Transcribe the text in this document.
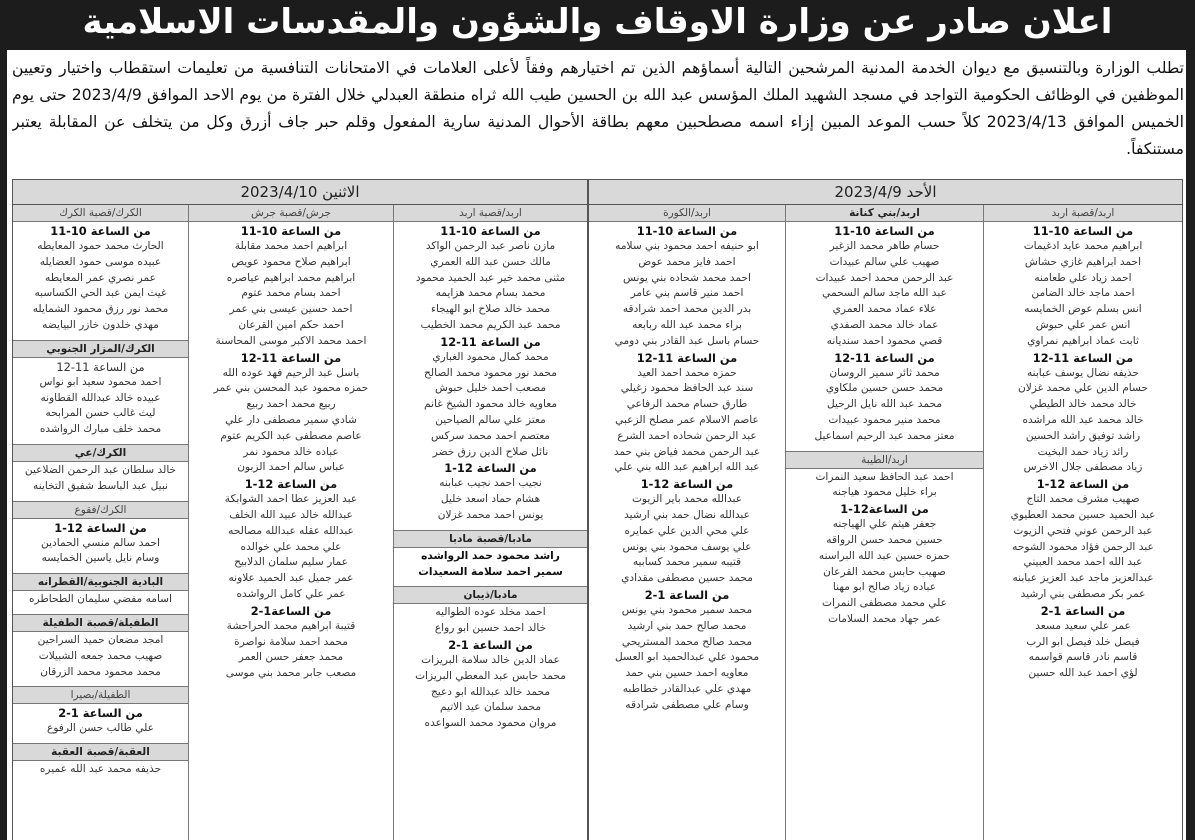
اعلان صادر عن وزارة الاوقاف والشؤون والمقدسات الاسلامية
تطلب الوزارة وبالتنسيق مع ديوان الخدمة المدنية المرشحين التالية أسماؤهم الذين تم اختيارهم وفقاً لأعلى العلامات في الامتحانات التنافسية من تعليمات استقطاب واختيار وتعيين الموظفين في الوظائف الحكومية التواجد في مسجد الشهيد الملك المؤسس عبد الله بن الحسين طيب الله ثراه منطقة العبدلي خلال الفترة من يوم الاحد الموافق 2023/4/9 حتى يوم الخميس الموافق 2023/4/13 كلاً حسب الموعد المبين إزاء اسمه مصطحبين معهم بطاقة الأحوال المدنية سارية المفعول وقلم حبر جاف أزرق وكل من يتخلف عن المقابلة يعتبر مستنكفاً.
الأحد 2023/4/9
اربد/قصبة اربد
من الساعة 10-11
ابراهيم محمد عايد ادغيمات
احمد ابراهيم غازي حشاش
احمد زياد علي طعامنه
احمد ماجد خالد الضامن
انس بسلم عوض الخمايسه
انس عمر علي حبوش
ثابت عماد ابراهيم نمراوي
من الساعة 11-12
حذيفه نضال يوسف عبابنه
حسام الدين علي محمد غزلان
خالد محمد خالد الطيطي
خالد محمد عبد الله مراشده
راشد توفيق راشد الحسين
رائد زياد حمد البخيت
زياد مصطفى جلال الاخرس
من الساعة 12-1
صهيب مشرف محمد التاج
عبد الحميد حسين محمد العطيوي
عبد الرحمن عوني فتحي الزيوت
عبد الرحمن فؤاد محمود الشوحه
عبد الله احمد محمد العبيني
عبدالعزيز ماجد عبد العزيز عبابنه
عمر بكر مصطفى بني ارشيد
من الساعة 1-2
عمر علي سعيد مسعد
فيصل خلد فيصل ابو الرب
قاسم نادر قاسم قواسمه
لؤي احمد عبد الله حسين
اربد/بني كنانة
من الساعة 10-11
حسام طاهر محمد الزغير
صهيب علي سالم عبيدات
عبد الرحمن محمد احمد عبيدات
عبد الله ماجد سالم السحمي
علاء عماد محمد العمري
عماد خالد محمد الصفدي
قصي محمود احمد سنديانه
من الساعة 11-12
محمد ثائر سمير الروسان
محمد حسن حسين ملكاوي
محمد عبد الله نايل الرحيل
محمد منير محمود عبيدات
معتز محمد عبد الرحيم اسماعيل
اربد/الطيبة
احمد عبد الحافظ سعيد النمرات
براء خليل محمود هياجنه
من الساعة12-1
جعفر هيثم علي الهياجنه
حسين محمد حسن الرواقه
حمزه حسين عبد الله البراسنه
صهيب حابس محمد القرعان
عباده زياد صالح ابو مهنا
علي محمد مصطفى النمرات
عمر جهاد محمد السلامات
اربد/الكورة
من الساعة 10-11
ابو حنيفه احمد محمود بني سلامه
احمد فايز محمد عوض
احمد محمد شحاده بني يونس
احمد منير قاسم بني عامر
بدر الدين محمد احمد شرادقه
براء محمد عبد الله ربابعه
حسام باسل عبد القادر بني دومي
من الساعة 11-12
حمزه محمد احمد العيد
سند عبد الحافظ محمود زغيلي
طارق حسام محمد الرفاعي
عاصم الاسلام عمر مصلح الزعبي
عبد الرحمن شحاده احمد الشرع
عبد الرحمن محمد فياض بني حمد
عبد الله ابراهيم عبد الله بني علي
من الساعة 12-1
عبدالله محمد باير الزيوت
عبدالله نضال حمد بني ارشيد
علي محي الدين علي عمايره
علي يوسف محمود بني يونس
قتيبه سمير محمد كسابيه
محمد حسين مصطفى مقدادي
من الساعة 1-2
محمد سمير محمود بني يونس
محمد صالح حمد بني ارشيد
محمد صالح محمد المستريحي
محمود علي عبدالحميد ابو العسل
معاويه احمد حسين بني حمد
مهدي علي عبدالقادر خطاطبه
وسام علي مصطفى شرادقه
الاثنين 2023/4/10
اربد/قصبة اربد
من الساعة 10-11
مازن ناصر عبد الرحمن الواكد
مالك حسن عبد الله العمري
مثنى محمد خير عبد الحميد محمود
محمد بسام محمد هزايمه
محمد خالد صلاح ابو الهيجاء
محمد عبد الكريم محمد الخطيب
من الساعة 11-12
محمد كمال محمود الغباري
محمد نور محمود محمد الصالح
مصعب احمد خليل حبوش
معاويه خالد محمود الشيخ غانم
معتز علي سالم الصياحين
معتصم احمد محمد سركس
نائل صلاح الدين رزق خضر
من الساعة 12-1
نجيب احمد نجيب عبابنه
هشام حماد اسعد خليل
يونس احمد محمد غزلان
مادبا/قصبة مادبا
راشد محمود حمد الرواشده
سمير احمد سلامة السعيدات
مادبا/ذيبان
احمد مخلد عوده الطواليه
خالد احمد حسين ابو رواع
من الساعة 1-2
عماد الدين خالد سلامة البريزات
محمد حابس عبد المعطي البريزات
محمد خالد عبدالله ابو دعيج
محمد سلمان عيد الاتيم
مروان محمود محمد السواعده
جرش/قصبة جرش
من الساعة 10-11
ابراهيم احمد محمد مقابلة
ابراهيم صلاح محمود عويص
ابراهيم محمد ابراهيم عياصره
احمد بسام محمد عتوم
احمد حسين عيسى بني عمر
احمد حكم امين القرعان
احمد محمد الاكبر موسى المحاسنة
من الساعة 11-12
باسل عبد الرحيم فهد عوده الله
حمزه محمود عبد المحسن بني عمر
ربيع محمد احمد ربيع
شادي سمير مصطفى دار علي
عاصم مصطفى عبد الكريم عتوم
عباده خالد محمود نمر
عباس سالم احمد الزبون
من الساعة 12-1
عبد العزيز عطا احمد الشوابكة
عبدالله خالد عبيد الله الخلف
عبدالله عقله عبدالله مصالحه
علي محمد علي خوالده
عمار سليم سلمان الدلابيح
عمر جميل عبد الحميد علاونه
عمر علي كامل الرواشده
من الساعة1-2
قتيبة ابراهيم محمد الحراحشة
محمد احمد سلامة نواصرة
محمد جعفر حسن العمر
مصعب جابر محمد بني موسى
الكرك/قصبة الكرك
من الساعة 10-11
الحارث محمد حمود المعايطه
عبيده موسى حمود العضايله
عمر نصري عمر المعايطه
غيث ايمن عبد الحي الكساسبه
محمد نور رزق محمود الشمايله
مهدي خلدون خازر البيايضه
الكرك/المزار الجنوبي
من الساعة 11-12
احمد محمود سعيد ابو نواس
عبيده خالد عبدالله القطاونه
ليث غالب حسن المرابحه
محمد خلف مبارك الرواشده
الكرك/عي
خالد سلطان عبد الرحمن الضلاعين
نبيل عبد الباسط شفيق التخاينه
الكرك/فقوع
من الساعة 12-1
احمد سالم منسي الحمادين
وسام نايل ياسين الخمايسه
البادية الجنوبية/القطرانه
اسامه مفضي سليمان الطحاطره
الطفيلة/قصبة الطفيلة
امجد مضعان حميد السراحين
صهيب محمد جمعه الشبيلات
محمد محمود محمد الزرقان
الطفيلة/بصيرا
من الساعة 1-2
علي طالب حسن الرفوع
العقبة/قصبة العقبة
حذيفه محمد عبد الله عميره
